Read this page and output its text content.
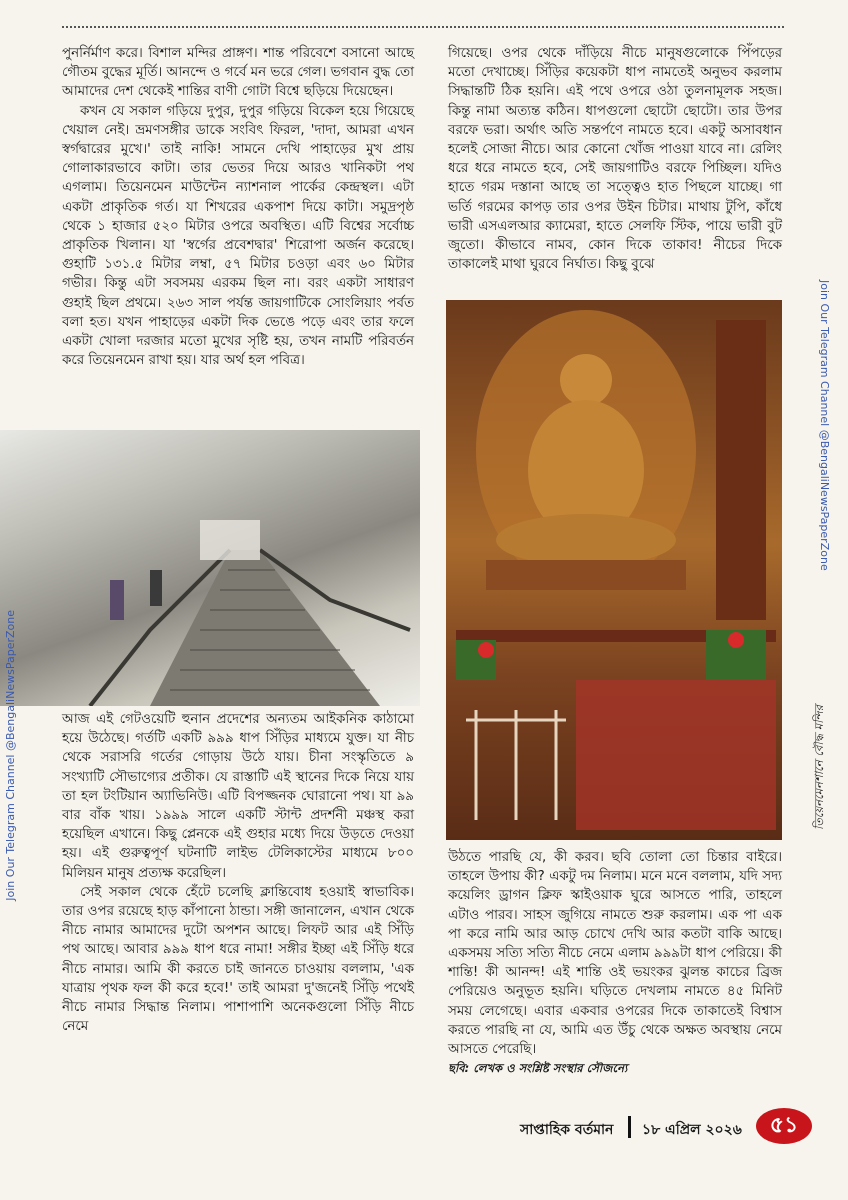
পুনর্নির্মাণ করে। বিশাল মন্দির প্রাঙ্গণ। শান্ত পরিবেশে বসানো আছে গৌতম বুদ্ধের মূর্তি। আনন্দে ও গর্বে মন ভরে গেল। ভগবান বুদ্ধ তো আমাদের দেশ থেকেই শান্তির বাণী গোটা বিশ্বে ছড়িয়ে দিয়েছেন।

কখন যে সকাল গড়িয়ে দুপুর, দুপুর গড়িয়ে বিকেল হয়ে গিয়েছে খেয়াল নেই। ভ্রমণসঙ্গীর ডাকে সংবিৎ ফিরল, 'দাদা, আমরা এখন স্বর্গদ্বারের মুখে।' তাই নাকি! সামনে দেখি পাহাড়ের মুখ প্রায় গোলাকারভাবে কাটা। তার ভেতর দিয়ে আরও খানিকটা পথ এগলাম। তিয়েনমেন মাউন্টেন ন্যাশনাল পার্কের কেন্দ্রস্থল। এটা একটা প্রাকৃতিক গর্ত। যা শিখরের একপাশ দিয়ে কাটা। সমুদ্রপৃষ্ঠ থেকে ১ হাজার ৫২০ মিটার ওপরে অবস্থিত। এটি বিশ্বের সর্বোচ্চ প্রাকৃতিক খিলান। যা 'স্বর্গের প্রবেশদ্বার' শিরোপা অর্জন করেছে। গুহাটি ১৩১.৫ মিটার লম্বা, ৫৭ মিটার চওড়া এবং ৬০ মিটার গভীর। কিন্তু এটা সবসময় এরকম ছিল না। বরং একটা সাধারণ গুহাই ছিল প্রথমে। ২৬৩ সাল পর্যন্ত জায়গাটিকে সোংলিয়াং পর্বত বলা হত। যখন পাহাড়ের একটা দিক ভেঙে পড়ে এবং তার ফলে একটা খোলা দরজার মতো মুখের সৃষ্টি হয়, তখন নামটি পরিবর্তন করে তিয়েনমেন রাখা হয়। যার অর্থ হল পবিত্র।

গিয়েছে। ওপর থেকে দাঁড়িয়ে নীচে মানুষগুলোকে পিঁপড়ের মতো দেখাচ্ছে। সিঁড়ির কয়েকটা ধাপ নামতেই অনুভব করলাম সিদ্ধান্তটি ঠিক হয়নি। এই পথে ওপরে ওঠা তুলনামূলক সহজ। কিন্তু নামা অত্যন্ত কঠিন। ধাপগুলো ছোটো ছোটো। তার উপর বরফে ভরা। অর্থাৎ অতি সন্তর্পণে নামতে হবে। একটু অসাবধান হলেই সোজা নীচে। আর কোনো খোঁজ পাওয়া যাবে না। রেলিং ধরে ধরে নামতে হবে, সেই জায়গাটিও বরফে পিচ্ছিল। যদিও হাতে গরম দস্তানা আছে তা সত্ত্বেও হাত পিছলে যাচ্ছে। গা ভর্তি গরমের কাপড় তার ওপর উইন চিটার। মাথায় টুপি, কাঁধে ভারী এসএলআর ক্যামেরা, হাতে সেলফি স্টিক, পায়ে ভারী বুট জুতো। কীভাবে নামব, কোন দিকে তাকাব! নীচের দিকে তাকালেই মাথা ঘুরবে নির্ঘাত। কিছু বুঝে

তিয়েনমেনশানে বৌদ্ধ মন্দির

আজ এই গেটওয়েটি হুনান প্রদেশের অন্যতম আইকনিক কাঠামো হয়ে উঠেছে। গর্তটি একটি ৯৯৯ ধাপ সিঁড়ির মাধ্যমে যুক্ত। যা নীচ থেকে সরাসরি গর্তের গোড়ায় উঠে যায়। চীনা সংস্কৃতিতে ৯ সংখ্যাটি সৌভাগ্যের প্রতীক। যে রাস্তাটি এই স্থানের দিকে নিয়ে যায় তা হল টংটিয়ান অ্যাভিনিউ। এটি বিপজ্জনক ঘোরানো পথ। যা ৯৯ বার বাঁক খায়। ১৯৯৯ সালে একটি স্টান্ট প্রদর্শনী মঞ্চস্থ করা হয়েছিল এখানে। কিছু প্লেনকে এই গুহার মধ্যে দিয়ে উড়তে দেওয়া হয়। এই গুরুত্বপূর্ণ ঘটনাটি লাইভ টেলিকাস্টের মাধ্যমে ৮০০ মিলিয়ন মানুষ প্রত্যক্ষ করেছিল।

সেই সকাল থেকে হেঁটে চলেছি ক্লান্তিবোধ হওয়াই স্বাভাবিক। তার ওপর রয়েছে হাড় কাঁপানো ঠান্ডা। সঙ্গী জানালেন, এখান থেকে নীচে নামার আমাদের দুটো অপশন আছে। লিফট আর এই সিঁড়ি পথ আছে। আবার ৯৯৯ ধাপ ধরে নামা! সঙ্গীর ইচ্ছা এই সিঁড়ি ধরে নীচে নামার। আমি কী করতে চাই জানতে চাওয়ায় বললাম, 'এক যাত্রায় পৃথক ফল কী করে হবে!' তাই আমরা দু'জনেই সিঁড়ি পথেই নীচে নামার সিদ্ধান্ত নিলাম। পাশাপাশি অনেকগুলো সিঁড়ি নীচে নেমে

উঠতে পারছি যে, কী করব। ছবি তোলা তো চিন্তার বাইরে। তাহলে উপায় কী? একটু দম নিলাম। মনে মনে বললাম, যদি সদ্য কয়েলিং ড্রাগন ক্লিফ স্কাইওয়াক ঘুরে আসতে পারি, তাহলে এটাও পারব। সাহস জুগিয়ে নামতে শুরু করলাম। এক পা এক পা করে নামি আর আড় চোখে দেখি আর কতটা বাকি আছে। একসময় সত্যি সত্যি নীচে নেমে এলাম ৯৯৯টা ধাপ পেরিয়ে। কী শান্তি! কী আনন্দ! এই শান্তি ওই ভয়ংকর ঝুলন্ত কাচের ব্রিজ পেরিয়েও অনুভূত হয়নি। ঘড়িতে দেখলাম নামতে ৪৫ মিনিট সময় লেগেছে। এবার একবার ওপরের দিকে তাকাতেই বিশ্বাস করতে পারছি না যে, আমি এত উঁচু থেকে অক্ষত অবস্থায় নেমে আসতে পেরেছি।

ছবি: লেখক ও সংশ্লিষ্ট সংস্থার সৌজন্যে

Join Our Telegram Channel @BengaliNewsPaperZone
Join Our Telegram Channel @BengaliNewsPaperZone
সাপ্তাহিক বর্তমান ১৮ এপ্রিল ২০২৬	৫১
